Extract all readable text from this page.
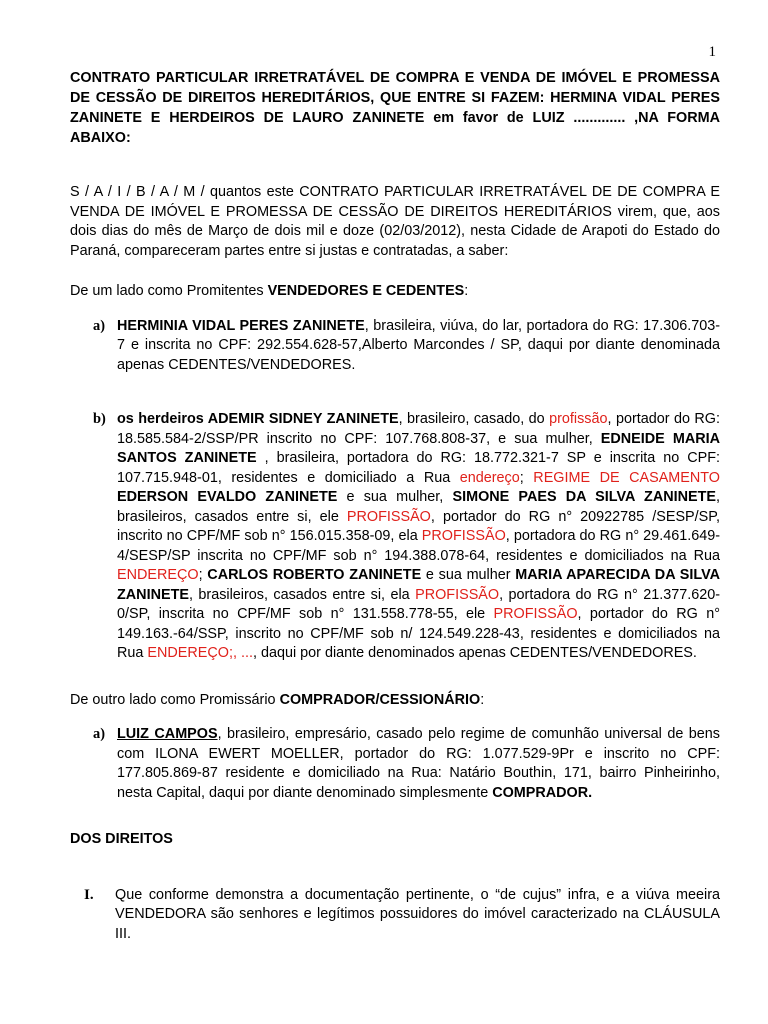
1

CONTRATO PARTICULAR IRRETRATÁVEL DE COMPRA E VENDA DE IMÓVEL E PROMESSA DE CESSÃO DE DIREITOS HEREDITÁRIOS, QUE ENTRE SI FAZEM: HERMINA VIDAL PERES ZANINETE E HERDEIROS DE LAURO ZANINETE em favor de LUIZ ............. ,NA FORMA ABAIXO:

S / A / I / B / A / M / quantos este CONTRATO PARTICULAR IRRETRATÁVEL DE DE COMPRA E VENDA DE IMÓVEL E PROMESSA DE CESSÃO DE DIREITOS HEREDITÁRIOS virem, que, aos dois dias do mês de Março de dois mil e doze (02/03/2012), nesta Cidade de Arapoti do Estado do Paraná, compareceram partes entre si justas e contratadas, a saber:

De um lado como Promitentes VENDEDORES E CEDENTES:

a) HERMINIA VIDAL PERES ZANINETE, brasileira, viúva, do lar, portadora do RG: 17.306.703-7 e inscrita no CPF: 292.554.628-57,Alberto Marcondes / SP, daqui por diante denominada apenas CEDENTES/VENDEDORES.

b) os herdeiros ADEMIR SIDNEY ZANINETE, brasileiro, casado, do profissão, portador do RG: 18.585.584-2/SSP/PR inscrito no CPF: 107.768.808-37, e sua mulher, EDNEIDE MARIA SANTOS ZANINETE , brasileira, portadora do RG: 18.772.321-7 SP e inscrita no CPF: 107.715.948-01, residentes e domiciliado a Rua endereço; REGIME DE CASAMENTO EDERSON EVALDO ZANINETE e sua mulher, SIMONE PAES DA SILVA ZANINETE, brasileiros, casados entre si, ele PROFISSÃO, portador do RG n° 20922785 /SESP/SP, inscrito no CPF/MF sob n° 156.015.358-09, ela PROFISSÃO, portadora do RG n° 29.461.649-4/SESP/SP inscrita no CPF/MF sob n° 194.388.078-64, residentes e domiciliados na Rua ENDEREÇO; CARLOS ROBERTO ZANINETE e sua mulher MARIA APARECIDA DA SILVA ZANINETE, brasileiros, casados entre si, ela PROFISSÃO, portadora do RG n° 21.377.620-0/SP, inscrita no CPF/MF sob n° 131.558.778-55, ele PROFISSÃO, portador do RG n° 149.163.-64/SSP, inscrito no CPF/MF sob n/ 124.549.228-43, residentes e domiciliados na Rua ENDEREÇO;, ..., daqui por diante denominados apenas CEDENTES/VENDEDORES.

De outro lado como Promissário COMPRADOR/CESSIONÁRIO:

a) LUIZ CAMPOS, brasileiro, empresário, casado pelo regime de comunhão universal de bens com ILONA EWERT MOELLER, portador do RG: 1.077.529-9Pr e inscrito no CPF: 177.805.869-87 residente e domiciliado na Rua: Natário Bouthin, 171, bairro Pinheirinho, nesta Capital, daqui por diante denominado simplesmente COMPRADOR.

DOS DIREITOS

I. Que conforme demonstra a documentação pertinente, o “de cujus” infra, e a viúva meeira VENDEDORA são senhores e legítimos possuidores do imóvel caracterizado na CLÁUSULA III.
